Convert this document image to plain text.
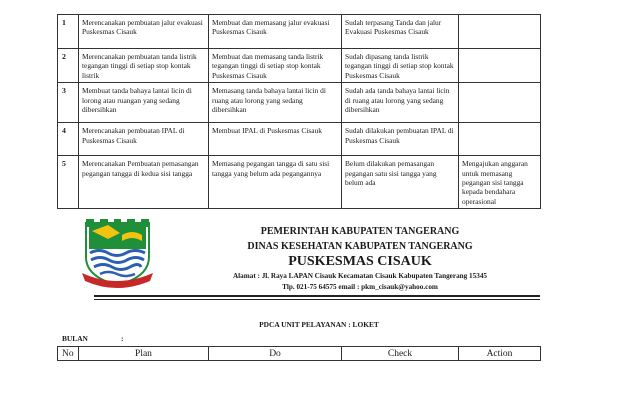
1	Merencanakan pembuatan jalur evakuasi Puskesmas Cisauk	Membuat dan memasang jalur evakuasi Puskesmas Cisauk	Sudah terpasang Tanda dan jalur Evakuasi Puskesmas Cisauk	
2	Merencanakan pembuatan tanda listrik tegangan tinggi di setiap stop kontak listrik	Membuat dan memasang tanda listrik tegangan tinggi di setiap stop kontak Puskesmas Cisauk	Sudah dipasang tanda listrik tegangan tinggi di setiap stop kontak Puskesmas Cisauk	
3	Membuat tanda bahaya lantai licin di lorong atau ruangan yang sedang dibersihkan	Memasang tanda bahaya lantai licin di ruang atau lorong yang sedang dibersihkan	Sudah ada tanda bahaya lantai licin di ruang atau lorong yang sedang dibersihkan	
4	Merencanakan pembuatan IPAL di Puskesmas Cisauk	Membuat IPAL di Puskesmas Cisauk	Sudah dilakukan pembuatan IPAL di Puskesmas Cisauk	
5	Merencanakan Pembuatan pemasangan pegangan tangga di kedua sisi tangga	Memasang pegangan tangga di satu sisi tangga yang belum ada pegangannya	Belum dilakukan pemasangan pegangan satu sisi tangga yang belum ada	Mengajukan anggaran untuk memasang pegangan sisi tangga kepada bendahara operasional
PEMERINTAH KABUPATEN TANGERANG
DINAS KESEHATAN KABUPATEN TANGERANG
PUSKESMAS CISAUK
Alamat : Jl. Raya LAPAN Cisauk Kecamatan Cisauk Kabupaten Tangerang 15345
Tlp. 021-75 64575 email : pkm_cisauk@yahoo.com
PDCA UNIT PELAYANAN : LOKET
BULAN	:
No	Plan	Do	Check	Action
